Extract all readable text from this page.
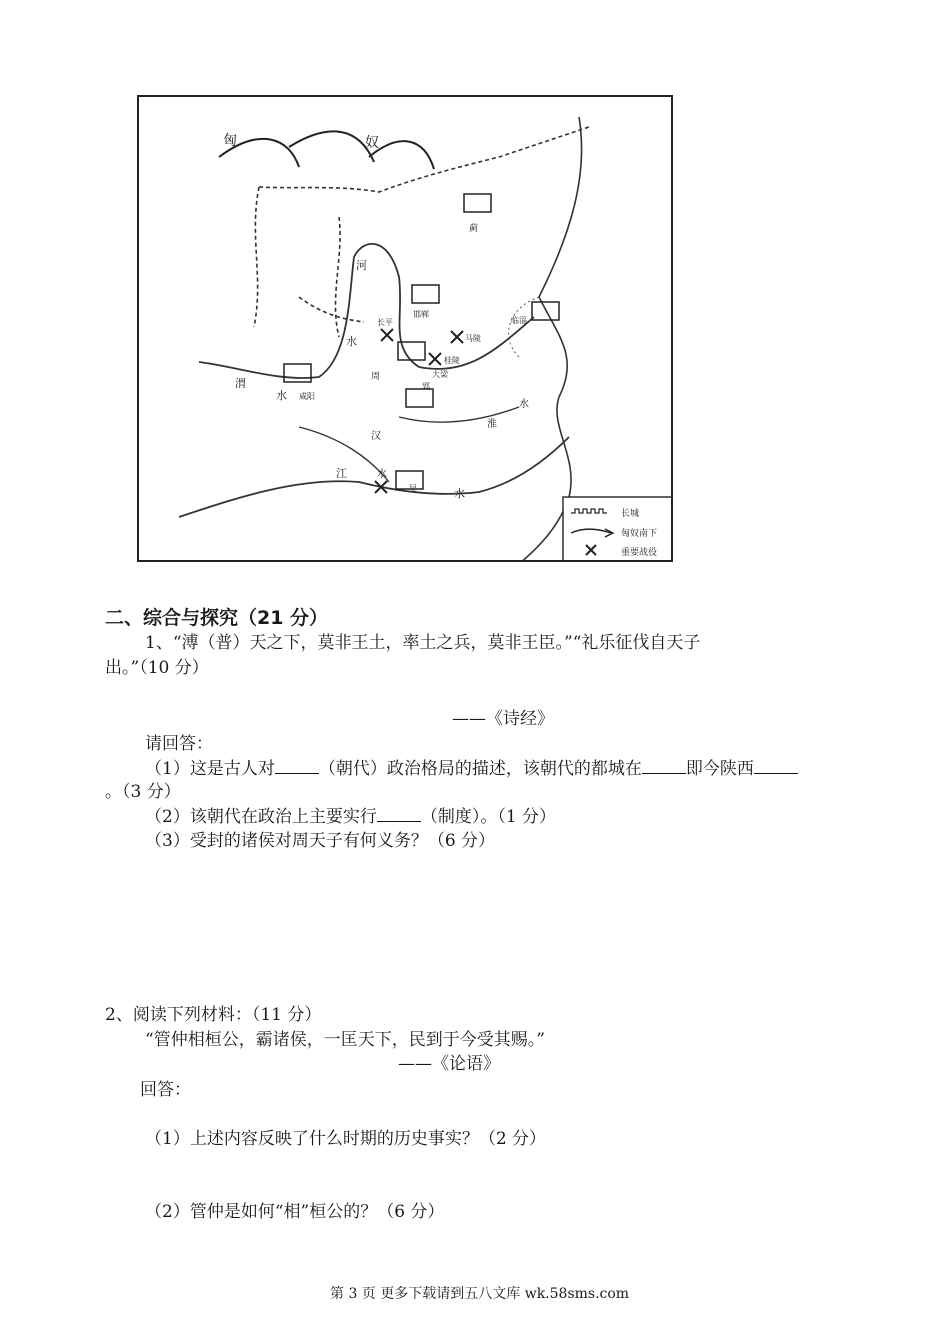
匈	奴
河
水
渭
水
江	水
汉
淮
水
水
蓟
邯郸
长平
马陵
桂陵
大梁
郢
咸阳
周
临淄
吴
长城
匈奴南下
重要战役
二、综合与探究（21 分）
1、“溥（普）天之下，莫非王土，率土之兵，莫非王臣。”“礼乐征伐自天子
出。”（10 分）
——《诗经》
请回答：
（1）这是古人对	（朝代）政治格局的描述，该朝代的都城在	即今陕西
。（3 分）
（2）该朝代在政治上主要实行	（制度）。（1 分）
（3）受封的诸侯对周天子有何义务？（6 分）
2、阅读下列材料：（11 分）
“管仲相桓公，霸诸侯，一匡天下，民到于今受其赐。”
——《论语》
回答：
（1）上述内容反映了什么时期的历史事实？（2 分）
（2）管仲是如何“相”桓公的？（6 分）
第 3 页 更多下载请到五八文库 wk.58sms.com
